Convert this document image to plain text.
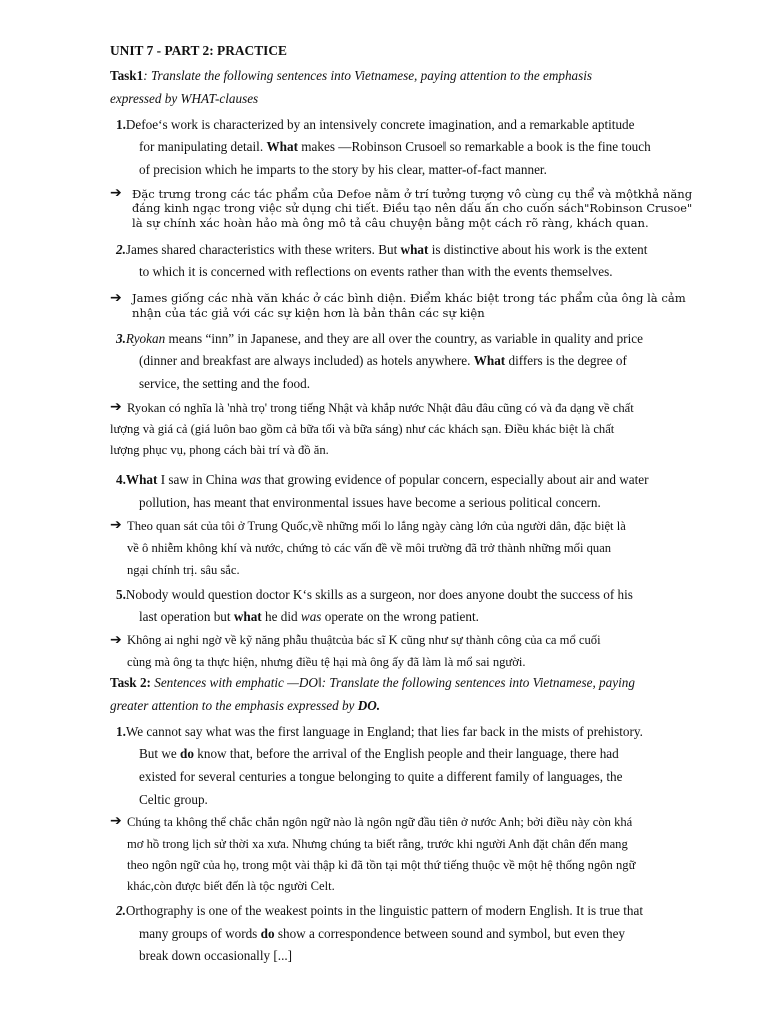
UNIT 7 - PART 2: PRACTICE
Task1: Translate the following sentences into Vietnamese, paying attention to the emphasis
expressed by WHAT-clauses
1.Defoe‘s work is characterized by an intensively concrete imagination, and a remarkable aptitude
for manipulating detail. What makes —Robinson Crusoe‖ so remarkable a book is the fine touch
of precision which he imparts to the story by his clear, matter-of-fact manner.
➔ Đặc trưng trong các tác phẩm của Defoe nằm ở trí tưởng tượng vô cùng cụ thể và mộtkhả năng
đáng kinh ngạc trong việc sử dụng chi tiết. Điều tạo nên dấu ấn cho cuốn sách"Robinson Crusoe"
là sự chính xác hoàn hảo mà ông mô tả câu chuyện bằng một cách rõ ràng, khách quan.
2.James shared characteristics with these writers. But what is distinctive about his work is the extent
to which it is concerned with reflections on events rather than with the events themselves.
➔ James giống các nhà văn khác ở các bình diện. Điểm khác biệt trong tác phẩm của ông là cảm
nhận của tác giả với các sự kiện hơn là bản thân các sự kiện
3.Ryokan means “inn” in Japanese, and they are all over the country, as variable in quality and price
(dinner and breakfast are always included) as hotels anywhere. What differs is the degree of
service, the setting and the food.
➔ Ryokan có nghĩa là 'nhà trọ' trong tiếng Nhật và khắp nước Nhật đâu đâu cũng có và đa dạng về chất
lượng và giá cả (giá luôn bao gồm cả bữa tối và bữa sáng) như các khách sạn. Điều khác biệt là chất
lượng phục vụ, phong cách bài trí và đồ ăn.
4.What I saw in China was that growing evidence of popular concern, especially about air and water
pollution, has meant that environmental issues have become a serious political concern.
➔ Theo quan sát của tôi ở Trung Quốc,về những mối lo lắng ngày càng lớn của người dân, đặc biệt là
về ô nhiễm không khí và nước, chứng tỏ các vấn đề về môi trường đã trở thành những mối quan
ngại chính trị. sâu sắc.
5.Nobody would question doctor K‘s skills as a surgeon, nor does anyone doubt the success of his
last operation but what he did was operate on the wrong patient.
➔ Không ai nghi ngờ về kỹ năng phẫu thuậtcủa bác sĩ K cũng như sự thành công của ca mổ cuối
cùng mà ông ta thực hiện, nhưng điều tệ hại mà ông ấy đã làm là mổ sai người.
Task 2: Sentences with emphatic —DO‖: Translate the following sentences into Vietnamese, paying
greater attention to the emphasis expressed by DO.
1.We cannot say what was the first language in England; that lies far back in the mists of prehistory.
But we do know that, before the arrival of the English people and their language, there had
existed for several centuries a tongue belonging to quite a different family of languages, the
Celtic group.
➔ Chúng ta không thể chắc chắn ngôn ngữ nào là ngôn ngữ đầu tiên ở nước Anh; bởi điều này còn khá
mơ hồ trong lịch sử thời xa xưa. Nhưng chúng ta biết rằng, trước khi người Anh đặt chân đến mang
theo ngôn ngữ của họ, trong một vài thập kỉ đã tồn tại một thứ tiếng thuộc về một hệ thống ngôn ngữ
khác,còn được biết đến là tộc người Celt.
2.Orthography is one of the weakest points in the linguistic pattern of modern English. It is true that
many groups of words do show a correspondence between sound and symbol, but even they
break down occasionally [...]
